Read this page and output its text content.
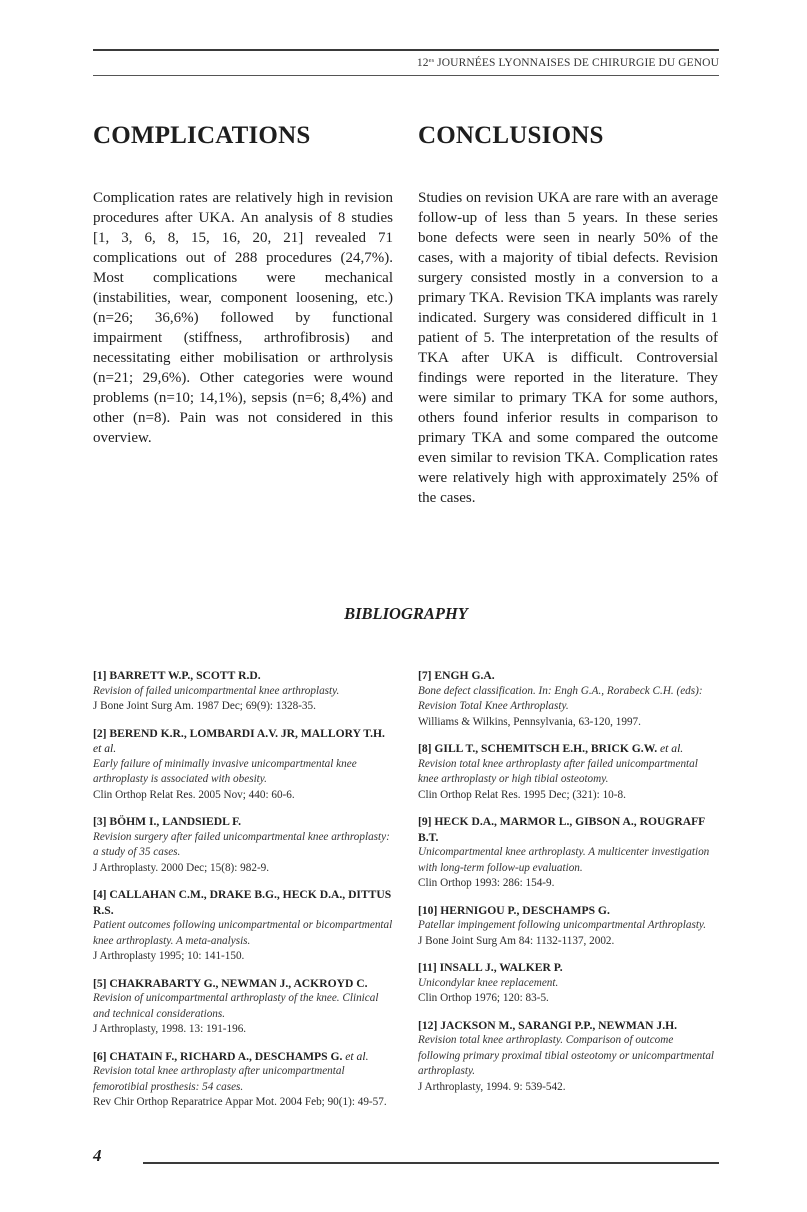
$12^{es}$ JOURNÉES LYONNAISES DE CHIRURGIE DU GENOU
COMPLICATIONS

Complication rates are relatively high in revision procedures after UKA. An analysis of 8 studies [1, 3, 6, 8, 15, 16, 20, 21] revealed 71 complications out of 288 procedures (24,7%). Most complications were mechanical (instabilities, wear, component loosening, etc.) (n=26; 36,6%) followed by functional impairment (stiffness, arthrofibrosis) and necessitating either mobilisation or arthrolysis (n=21; 29,6%). Other categories were wound problems (n=10; 14,1%), sepsis (n=6; 8,4%) and other (n=8). Pain was not considered in this overview.

CONCLUSIONS

Studies on revision UKA are rare with an average follow-up of less than 5 years. In these series bone defects were seen in nearly 50% of the cases, with a majority of tibial defects. Revision surgery consisted mostly in a conversion to a primary TKA. Revision TKA implants was rarely indicated. Surgery was considered difficult in 1 patient of 5. The interpretation of the results of TKA after UKA is difficult. Controversial findings were reported in the literature. They were similar to primary TKA for some authors, others found inferior results in comparison to primary TKA and some compared the outcome even similar to revision TKA. Complication rates were relatively high with approximately 25% of the cases.

BIBLIOGRAPHY
[1] BARRETT W.P., SCOTT R.D.
Revision of failed unicompartmental knee arthroplasty.
J Bone Joint Surg Am. 1987 Dec; 69(9): 1328-35.
[2] BEREND K.R., LOMBARDI A.V. JR, MALLORY T.H. et al.
Early failure of minimally invasive unicompartmental knee arthroplasty is associated with obesity.
Clin Orthop Relat Res. 2005 Nov; 440: 60-6.
[3] BÖHM I., LANDSIEDL F.
Revision surgery after failed unicompartmental knee arthroplasty: a study of 35 cases.
J Arthroplasty. 2000 Dec; 15(8): 982-9.
[4] CALLAHAN C.M., DRAKE B.G., HECK D.A., DITTUS R.S.
Patient outcomes following unicompartmental or bicompartmental knee arthroplasty. A meta-analysis.
J Arthroplasty 1995; 10: 141-150.
[5] CHAKRABARTY G., NEWMAN J., ACKROYD C.
Revision of unicompartmental arthroplasty of the knee. Clinical and technical considerations.
J Arthroplasty, 1998. 13: 191-196.
[6] CHATAIN F., RICHARD A., DESCHAMPS G. et al.
Revision total knee arthroplasty after unicompartmental femorotibial prosthesis: 54 cases.
Rev Chir Orthop Reparatrice Appar Mot. 2004 Feb; 90(1): 49-57.
[7] ENGH G.A.
Bone defect classification. In: Engh G.A., Rorabeck C.H. (eds): Revision Total Knee Arthroplasty.
Williams & Wilkins, Pennsylvania, 63-120, 1997.
[8] GILL T., SCHEMITSCH E.H., BRICK G.W. et al.
Revision total knee arthroplasty after failed unicompartmental knee arthroplasty or high tibial osteotomy.
Clin Orthop Relat Res. 1995 Dec; (321): 10-8.
[9] HECK D.A., MARMOR L., GIBSON A., ROUGRAFF B.T.
Unicompartmental knee arthroplasty. A multicenter investigation with long-term follow-up evaluation.
Clin Orthop 1993: 286: 154-9.
[10] HERNIGOU P., DESCHAMPS G.
Patellar impingement following unicompartmental Arthroplasty.
J Bone Joint Surg Am 84: 1132-1137, 2002.
[11] INSALL J., WALKER P.
Unicondylar knee replacement.
Clin Orthop 1976; 120: 83-5.
[12] JACKSON M., SARANGI P.P., NEWMAN J.H.
Revision total knee arthroplasty. Comparison of outcome following primary proximal tibial osteotomy or unicompartmental arthroplasty.
J Arthroplasty, 1994. 9: 539-542.
4
